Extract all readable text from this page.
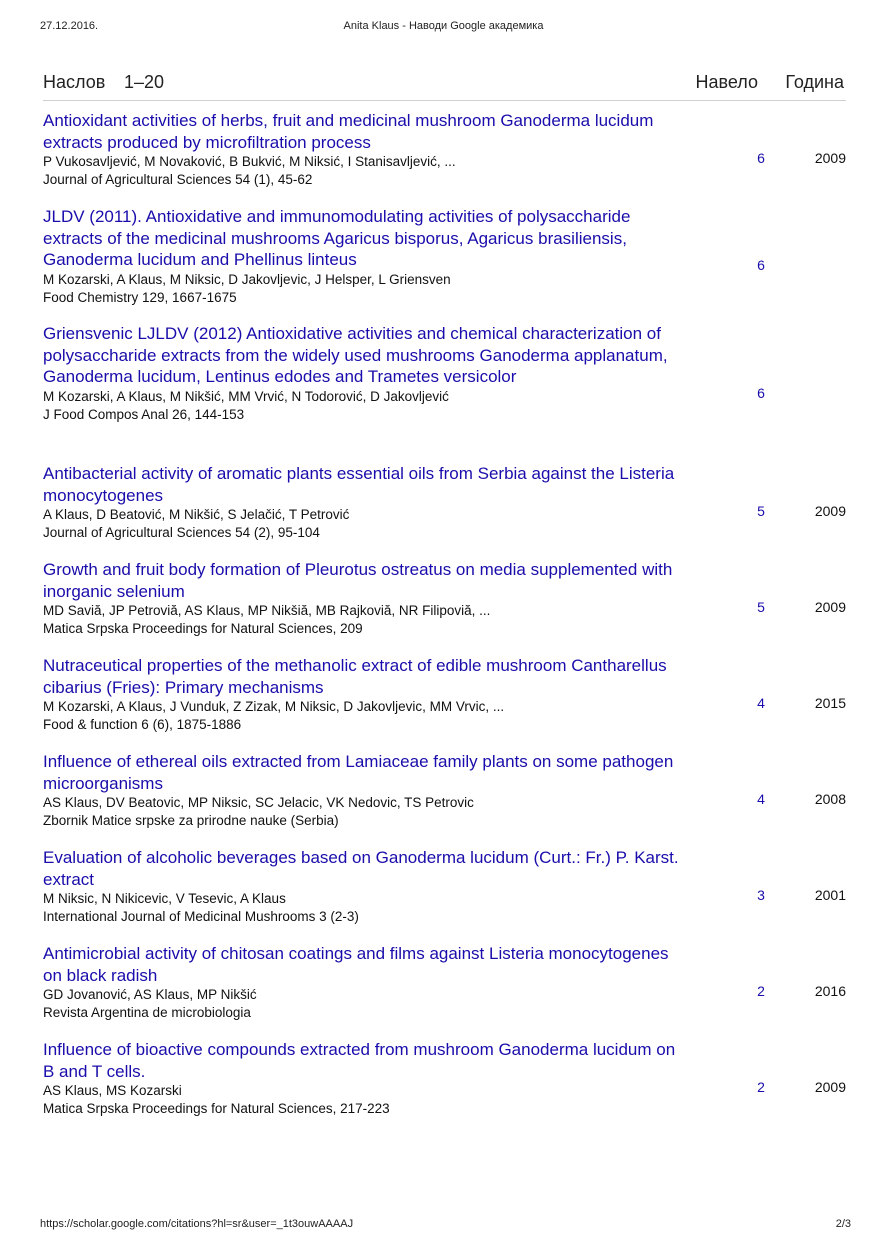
27.12.2016.	Anita Klaus - Наводи Google академика
Наслов 1–20	Навело Година
Antioxidant activities of herbs, fruit and medicinal mushroom Ganoderma lucidum extracts produced by microfiltration process
P Vukosavljević, M Novaković, B Bukvić, M Niksić, I Stanisavljević, ...
Journal of Agricultural Sciences 54 (1), 45-62
6	2009
JLDV (2011). Antioxidative and immunomodulating activities of polysaccharide extracts of the medicinal mushrooms Agaricus bisporus, Agaricus brasiliensis, Ganoderma lucidum and Phellinus linteus
M Kozarski, A Klaus, M Niksic, D Jakovljevic, J Helsper, L Griensven
Food Chemistry 129, 1667-1675
6
Griensvenic LJLDV (2012) Antioxidative activities and chemical characterization of polysaccharide extracts from the widely used mushrooms Ganoderma applanatum, Ganoderma lucidum, Lentinus edodes and Trametes versicolor
M Kozarski, A Klaus, M Nikšić, MM Vrvić, N Todorović, D Jakovljević
J Food Compos Anal 26, 144-153
6
Antibacterial activity of aromatic plants essential oils from Serbia against the Listeria monocytogenes
A Klaus, D Beatović, M Nikšić, S Jelačić, T Petrović
Journal of Agricultural Sciences 54 (2), 95-104
5	2009
Growth and fruit body formation of Pleurotus ostreatus on media supplemented with inorganic selenium
MD Saviă, JP Petroviă, AS Klaus, MP Nikšiă, MB Rajkoviă, NR Filipoviă, ...
Matica Srpska Proceedings for Natural Sciences, 209
5	2009
Nutraceutical properties of the methanolic extract of edible mushroom Cantharellus cibarius (Fries): Primary mechanisms
M Kozarski, A Klaus, J Vunduk, Z Zizak, M Niksic, D Jakovljevic, MM Vrvic, ...
Food & function 6 (6), 1875-1886
4	2015
Influence of ethereal oils extracted from Lamiaceae family plants on some pathogen microorganisms
AS Klaus, DV Beatovic, MP Niksic, SC Jelacic, VK Nedovic, TS Petrovic
Zbornik Matice srpske za prirodne nauke (Serbia)
4	2008
Evaluation of alcoholic beverages based on Ganoderma lucidum (Curt.: Fr.) P. Karst. extract
M Niksic, N Nikicevic, V Tesevic, A Klaus
International Journal of Medicinal Mushrooms 3 (2-3)
3	2001
Antimicrobial activity of chitosan coatings and films against Listeria monocytogenes on black radish
GD Jovanović, AS Klaus, MP Nikšić
Revista Argentina de microbiologia
2	2016
Influence of bioactive compounds extracted from mushroom Ganoderma lucidum on B and T cells.
AS Klaus, MS Kozarski
Matica Srpska Proceedings for Natural Sciences, 217-223
2	2009
https://scholar.google.com/citations?hl=sr&user=_1t3ouwAAAAJ	2/3
